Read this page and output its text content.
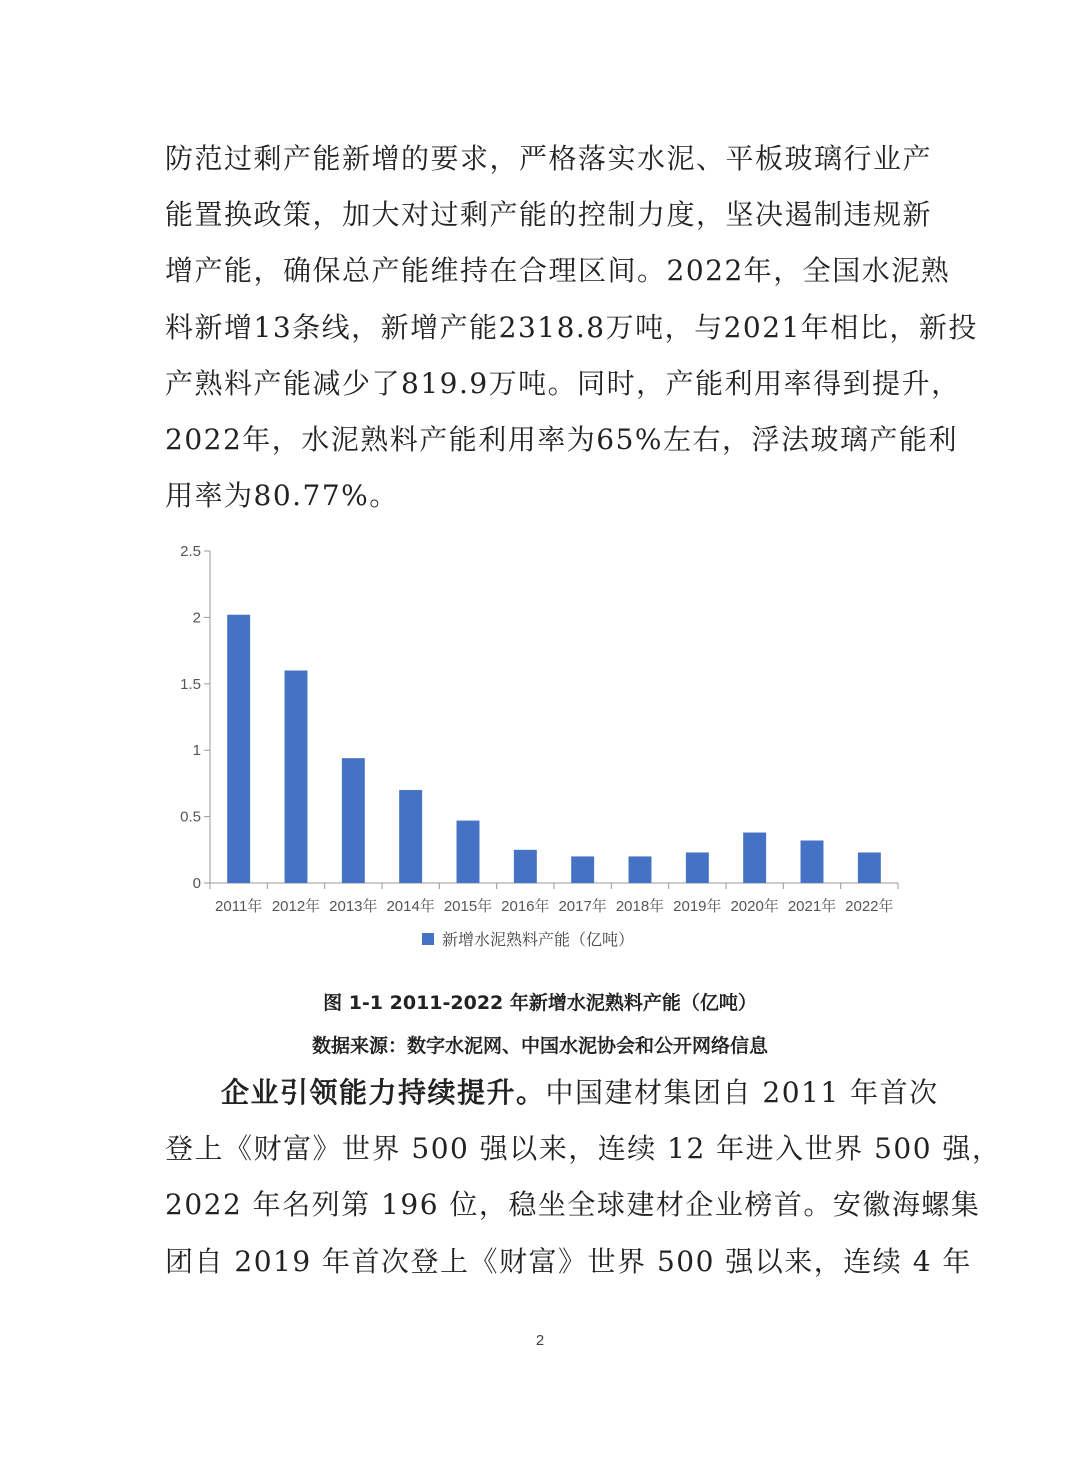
防范过剩产能新增的要求，严格落实水泥、平板玻璃行业产
能置换政策，加大对过剩产能的控制力度，坚决遏制违规新
增产能，确保总产能维持在合理区间。2022年，全国水泥熟
料新增13条线，新增产能2318.8万吨，与2021年相比，新投
产熟料产能减少了819.9万吨。同时，产能利用率得到提升，
2022年，水泥熟料产能利用率为65%左右，浮法玻璃产能利
用率为80.77%。
0
0.5
1
1.5
2
2.5
2011年 2012年 2013年 2014年 2015年 2016年 2017年 2018年 2019年 2020年 2021年 2022年
新增水泥熟料产能（亿吨）
图 1-1 2011-2022 年新增水泥熟料产能（亿吨）
数据来源：数字水泥网、中国水泥协会和公开网络信息
企业引领能力持续提升。中国建材集团自 2011 年首次
登上《财富》世界 500 强以来，连续 12 年进入世界 500 强，
2022 年名列第 196 位，稳坐全球建材企业榜首。安徽海螺集
团自 2019 年首次登上《财富》世界 500 强以来，连续 4 年
2
